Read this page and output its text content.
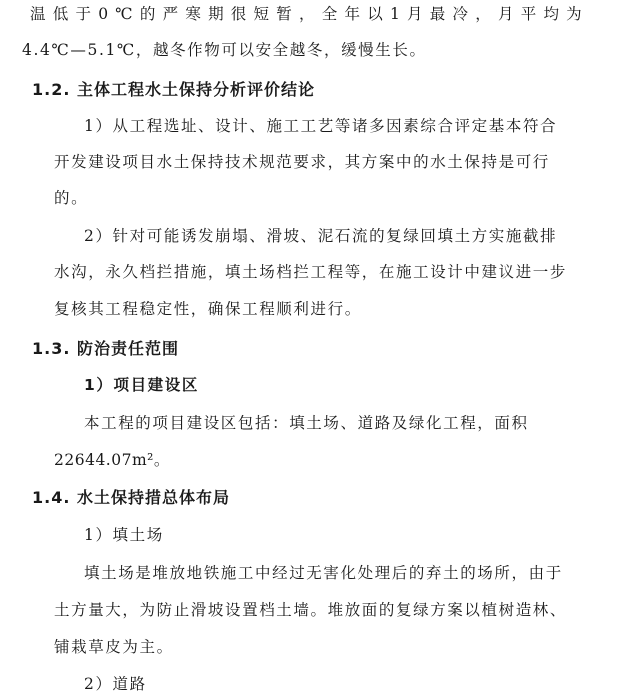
温 低 于 0 ℃ 的 严 寒 期 很 短 暂 ， 全 年 以 1 月 最 冷 ， 月 平 均 为
4.4℃—5.1℃，越冬作物可以安全越冬，缓慢生长。
1.2. 主体工程水土保持分析评价结论
1）从工程选址、设计、施工工艺等诸多因素综合评定基本符合
开发建设项目水土保持技术规范要求，其方案中的水土保持是可行
的。
2）针对可能诱发崩塌、滑坡、泥石流的复绿回填土方实施截排
水沟，永久档拦措施，填土场档拦工程等，在施工设计中建议进一步
复核其工程稳定性，确保工程顺利进行。
1.3. 防治责任范围
1）项目建设区
本工程的项目建设区包括：填土场、道路及绿化工程，面积
22644.07m²。
1.4. 水土保持措总体布局
1）填土场
填土场是堆放地铁施工中经过无害化处理后的弃土的场所，由于
土方量大，为防止滑坡设置档土墙。堆放面的复绿方案以植树造林、
铺栽草皮为主。
2）道路
